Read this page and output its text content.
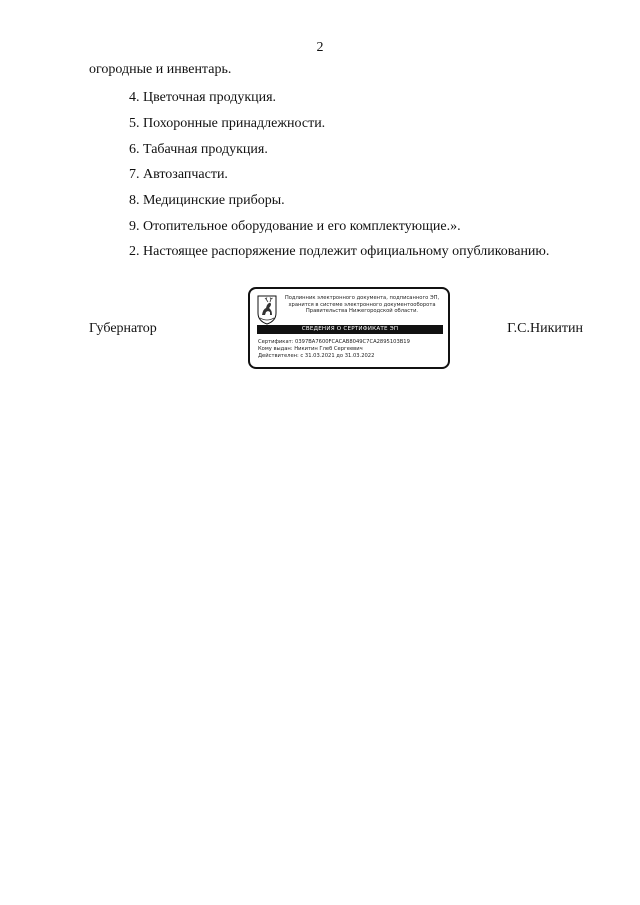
2
огородные и инвентарь.
4. Цветочная продукция.
5. Похоронные принадлежности.
6. Табачная продукция.
7. Автозапчасти.
8. Медицинские приборы.
9. Отопительное оборудование и его комплектующие.».
2. Настоящее распоряжение подлежит официальному опубликованию.
Губернатор
Подлинник электронного документа, подписанного ЭП,
хранится в системе электронного документооборота
Правительства Нижегородской области.
СВЕДЕНИЯ О СЕРТИФИКАТЕ ЭП
Сертификат: 0397BA7600FCACAB8049C7CA2895103B19
Кому выдан: Никитин Глеб Сергеевич
Действителен: с 31.03.2021 до 31.03.2022
Г.С.Никитин
